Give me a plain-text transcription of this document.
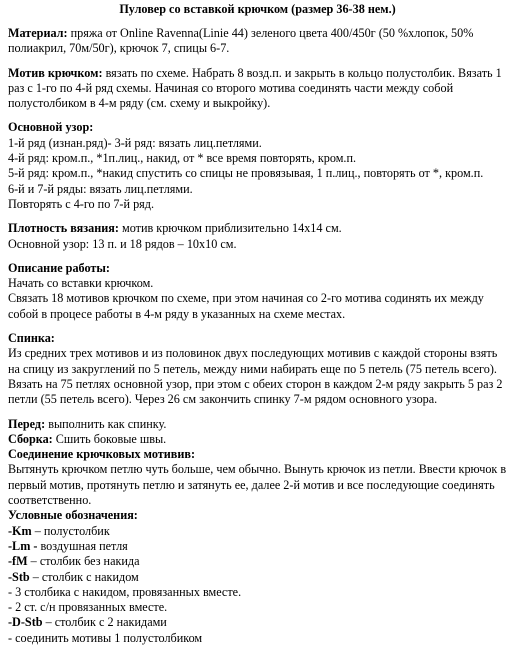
Пуловер со вставкой крючком (размер 36-38 нем.)
Материал: пряжа от Online Ravenna(Linie 44) зеленого цвета 400/450г (50 %хлопок, 50% полиакрил, 70м/50г), крючок 7, спицы 6-7.
Мотив крючком: вязать по схеме. Набрать 8 возд.п. и закрыть в кольцо полустолбик. Вязать 1 раз с 1-го по 4-й ряд схемы. Начиная со второго мотива соединять части между собой полустолбиком в 4-м ряду (см. схему и выкройку).
Основной узор:
1-й ряд (изнан.ряд)- 3-й ряд: вязать лиц.петлями.
4-й ряд: кром.п., *1п.лиц., накид, от * все время повторять, кром.п.
5-й ряд: кром.п., *накид спустить со спицы не провязывая, 1 п.лиц., повторять от *, кром.п.
6-й и 7-й ряды: вязать лиц.петлями.
Повторять с 4-го по 7-й ряд.
Плотность вязания: мотив крючком приблизительно 14х14 см.
Основной узор: 13 п. и 18 рядов – 10х10 см.
Описание работы:
Начать со вставки крючком.
Связать 18 мотивов крючком по схеме, при этом начиная со 2-го мотива содинять их между собой в процесе работы в 4-м ряду в указанных на схеме местах.
Спинка:
Из средних трех мотивов и из половинок двух последующих мотивив с каждой стороны взять на спицу из закруглений по 5 петель, между ними набирать еще по 5 петель (75 петель всего).
Вязать на 75 петлях основной узор, при этом с обеих сторон в каждом 2-м ряду закрыть 5 раз 2 петли (55 петель всего). Через 26 см закончить спинку 7-м рядом основного узора.
Перед: выполнить как спинку.
Сборка: Сшить боковые швы.
Соединение крючковых мотивив:
Вытянуть крючком петлю чуть больше, чем обычно. Вынуть крючок из петли. Ввести крючок в первый мотив, протянуть петлю и затянуть ее, далее 2-й мотив и все последующие соединять соответственно.
Условные обозначения:
-Km – полустолбик
-Lm - воздушная петля
-fM – столбик без накида
-Stb – столбик с накидом
- 3 столбика с накидом, провязанных вместе.
- 2 ст. с/н провязанных вместе.
-D-Stb – столбик с 2 накидами
- соединить мотивы 1 полустолбиком
